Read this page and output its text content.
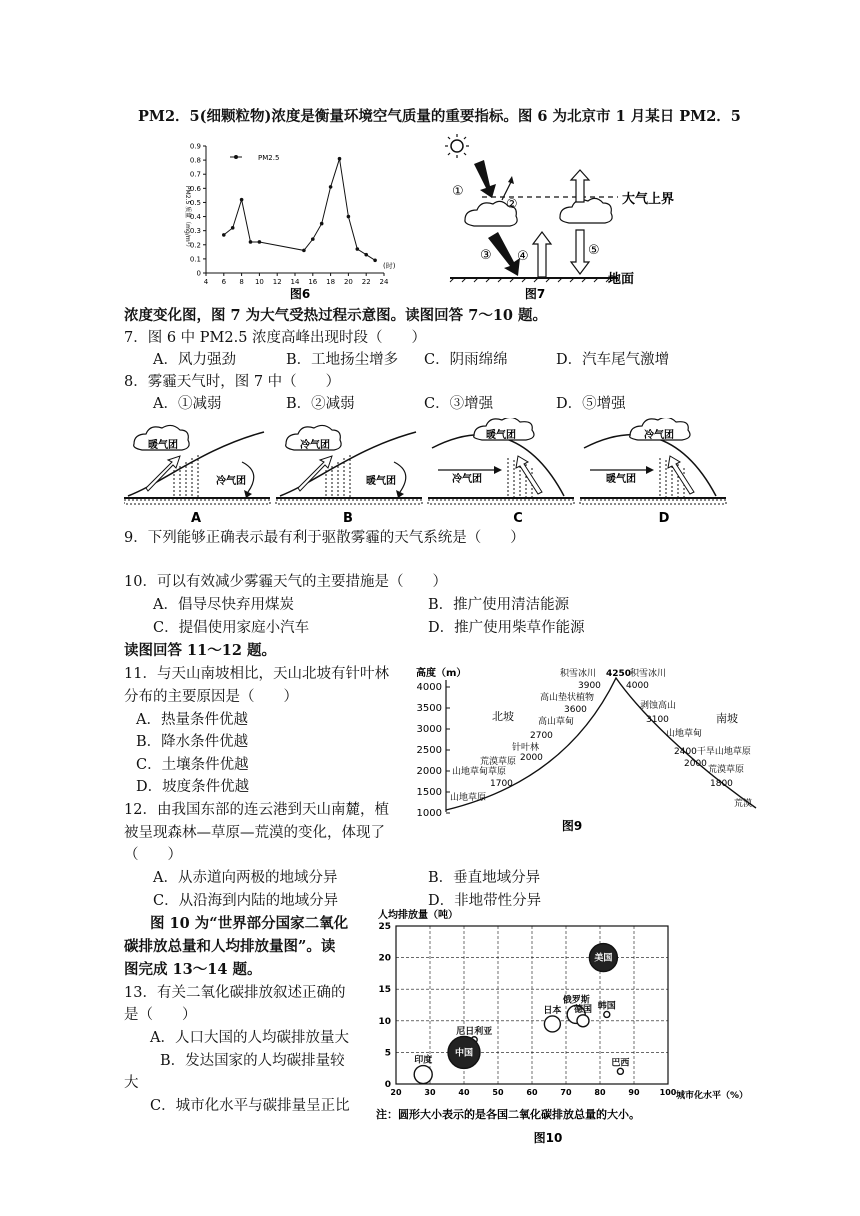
PM2．5(细颗粒物)浓度是衡量环境空气质量的重要指标。图 6 为北京市 1 月某日 PM2．5
0
0.1
0.2
0.3
0.4
0.5
0.6
0.7
0.8
0.9
4 6 8 10 12 14 16 18 20 22 24
PM2.5
PM2.5 质量（mg/m³）
(时)
图6
大气上界
①
②
③ ④	⑤
地面
图7
浓度变化图，图 7 为大气受热过程示意图。读图回答 7～10 题。
7．图 6 中 PM2.5 浓度高峰出现时段（　　）
A．风力强劲	B．工地扬尘增多 C．阴雨绵绵	D．汽车尾气激增
8．雾霾天气时，图 7 中（　　）
A．①减弱	B．②减弱	C．③增强	D．⑤增强
暖气团
冷气团
A
冷气团
暖气团
B
暖气团
冷气团
C
冷气团
暖气团
D
9．下列能够正确表示最有利于驱散雾霾的天气系统是（　　）
10．可以有效减少雾霾天气的主要措施是（　　）
A．倡导尽快弃用煤炭	B．推广使用清洁能源
C．提倡使用家庭小汽车	D．推广使用柴草作能源
读图回答 11～12 题。
11．与天山南坡相比，天山北坡有针叶林
分布的主要原因是（　　）
A．热量条件优越
B．降水条件优越
C．土壤条件优越
D．坡度条件优越
高度（m）
4000
3500
3000
2500
2000
1500
1000
积雪冰川 4250
积雪冰川
3900	4000
高山垫状植物
3600	剥蚀高山
高山草甸	3100
北坡	南坡
2700	山地草甸
针叶林	2400干旱山地草原
2000
2000
荒漠草原
荒漠草原
山地草甸草原
1700	1800
山地草原
荒漠
图9
12．由我国东部的连云港到天山南麓，植
被呈现森林—草原—荒漠的变化，体现了
（　　）
A．从赤道向两极的地域分异	B．垂直地域分异
C．从沿海到内陆的地域分异	D．非地带性分异
图 10 为“世界部分国家二氧化
碳排放总量和人均排放量图”。读
图完成 13～14 题。
13．有关二氧化碳排放叙述正确的
是（　　）
A．人口大国的人均碳排放量大
B．发达国家的人均碳排量较
大
C．城市化水平与碳排量呈正比
人均排放量（吨）
0
5
10
15
20
25
20	30	40	50	60	70	80	90	100
美国
俄罗斯
日本 德国 韩国
尼日利亚
中国
印度	巴西
城市化水平（%）
注：圆形大小表示的是各国二氧化碳排放总量的大小。
图10
